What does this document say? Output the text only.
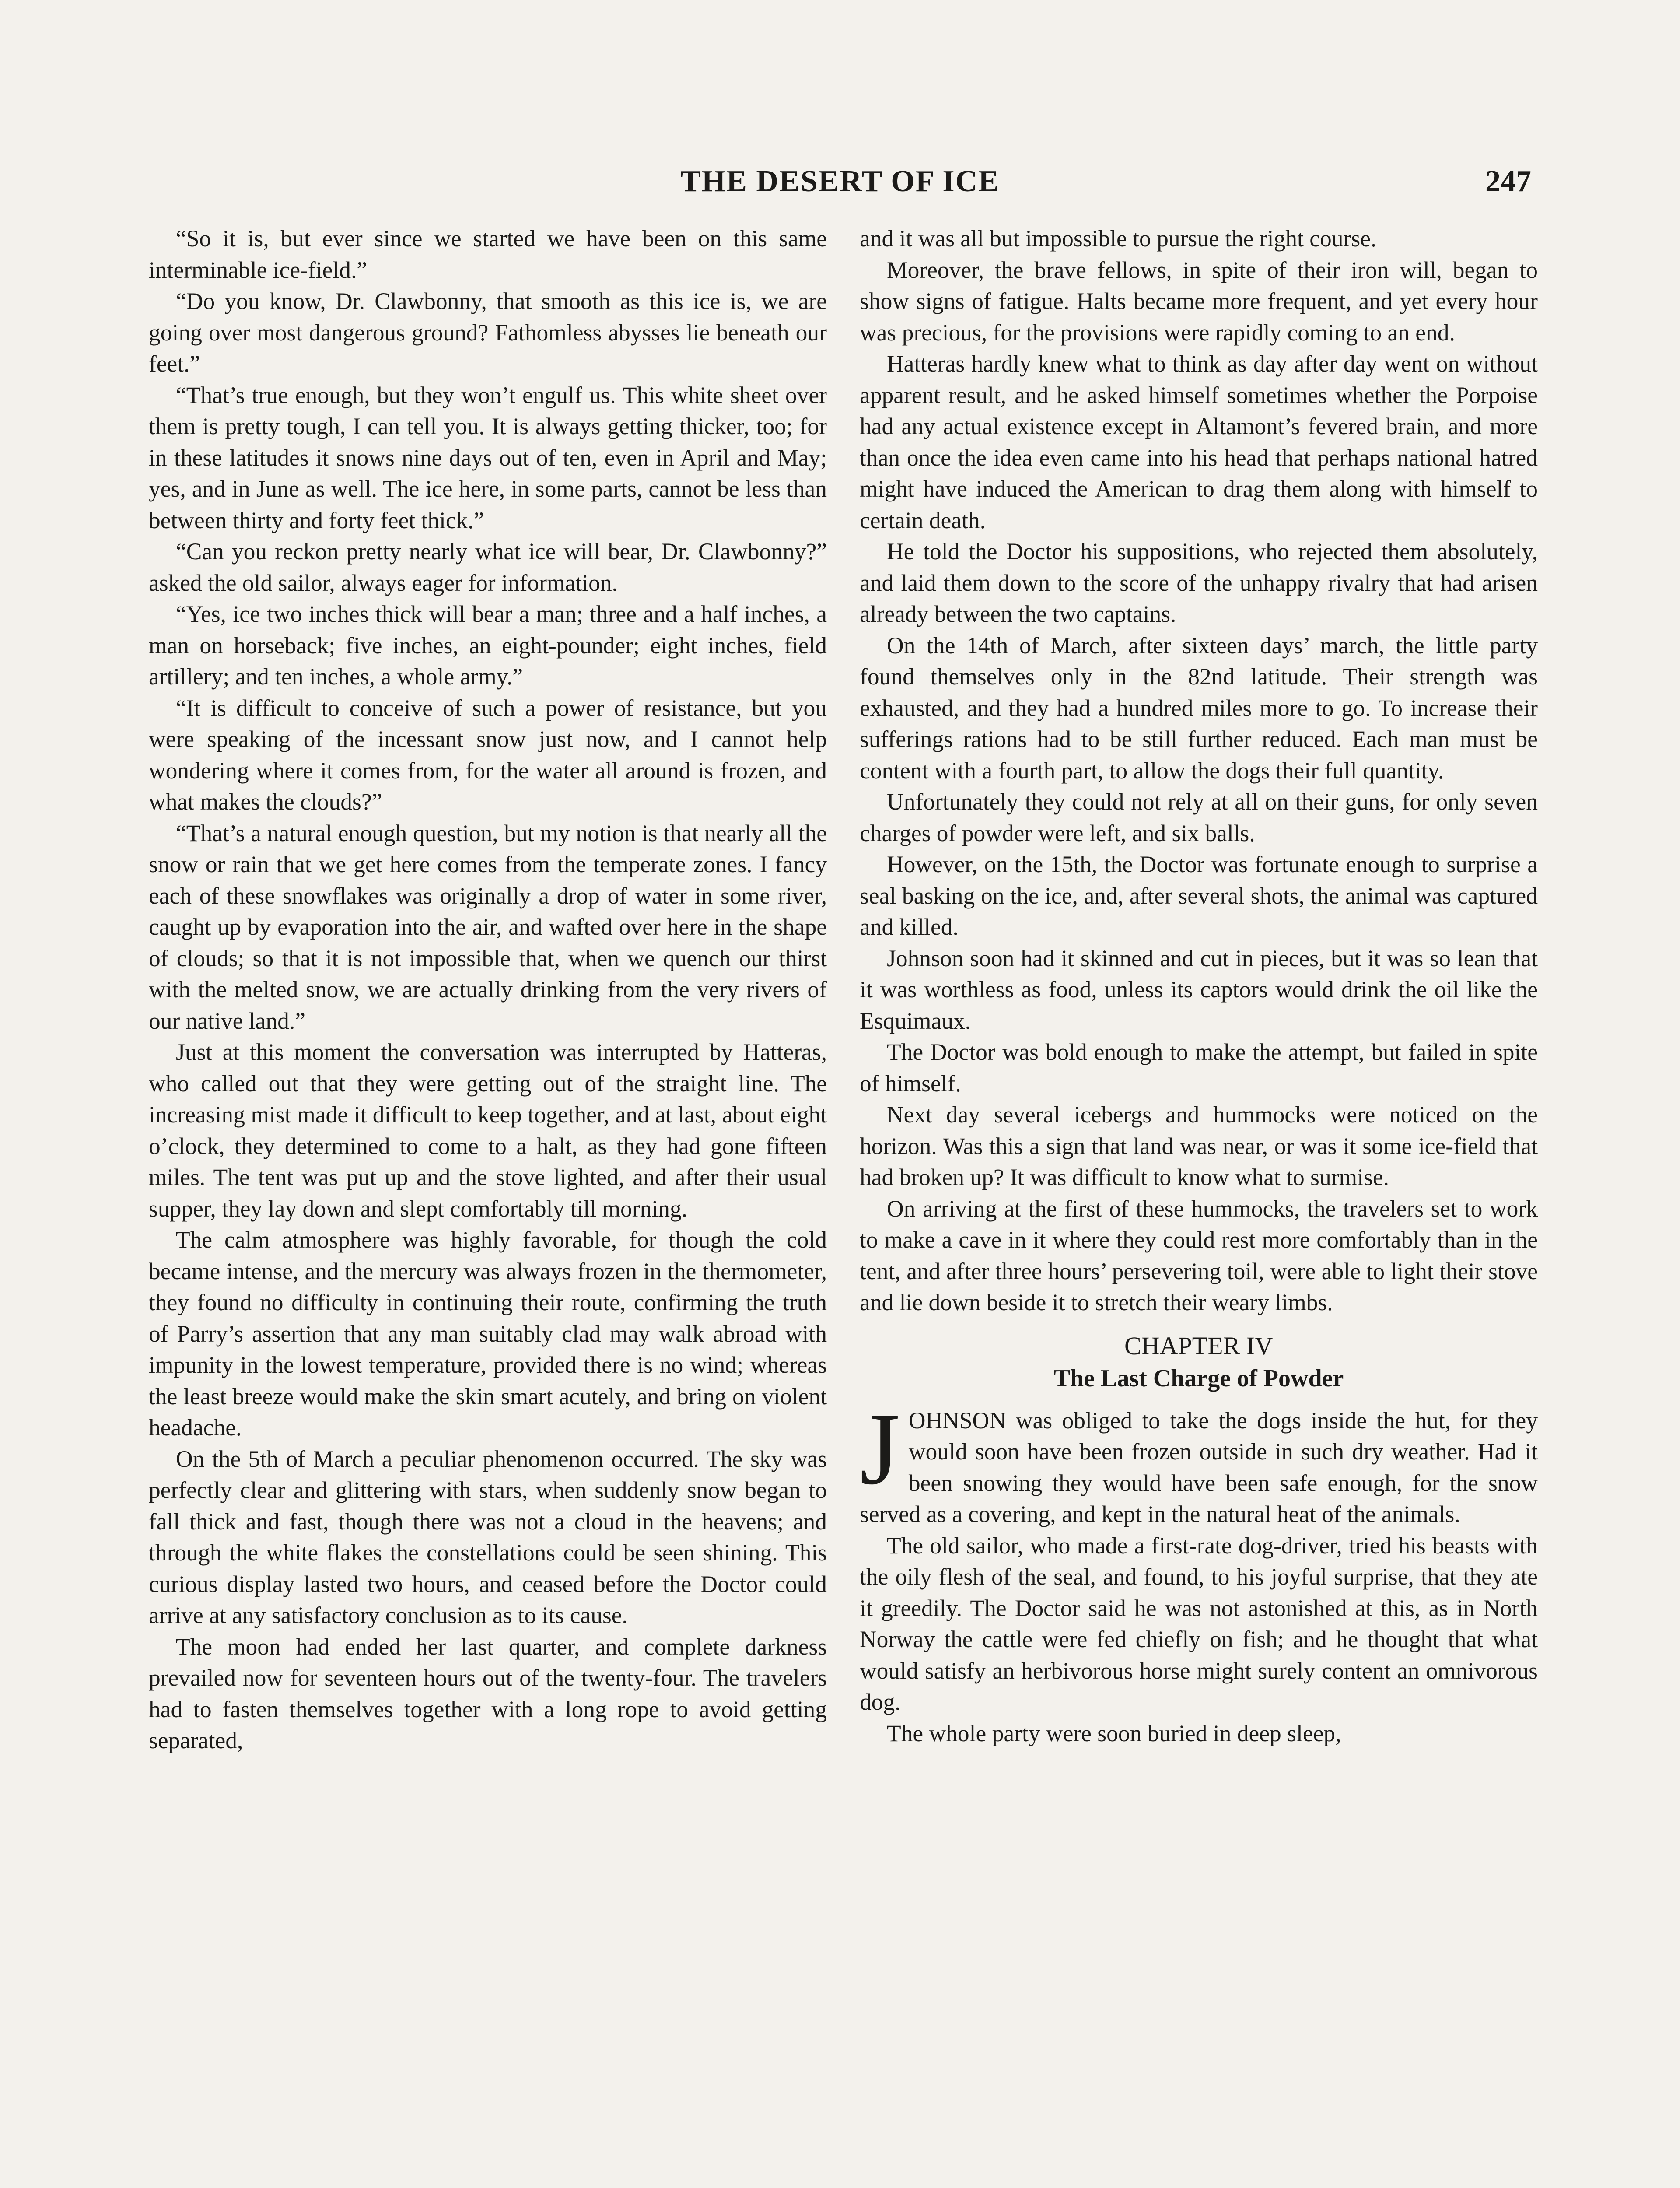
THE DESERT OF ICE	247

“So it is, but ever since we started we have been on this same interminable ice-field.”

“Do you know, Dr. Clawbonny, that smooth as this ice is, we are going over most dangerous ground? Fathomless abysses lie beneath our feet.”

“That’s true enough, but they won’t engulf us. This white sheet over them is pretty tough, I can tell you. It is always getting thicker, too; for in these latitudes it snows nine days out of ten, even in April and May; yes, and in June as well. The ice here, in some parts, cannot be less than between thirty and forty feet thick.”

“Can you reckon pretty nearly what ice will bear, Dr. Clawbonny?” asked the old sailor, always eager for information.

“Yes, ice two inches thick will bear a man; three and a half inches, a man on horseback; five inches, an eight-pounder; eight inches, field artillery; and ten inches, a whole army.”

“It is difficult to conceive of such a power of resistance, but you were speaking of the incessant snow just now, and I cannot help wondering where it comes from, for the water all around is frozen, and what makes the clouds?”

“That’s a natural enough question, but my notion is that nearly all the snow or rain that we get here comes from the temperate zones. I fancy each of these snowflakes was originally a drop of water in some river, caught up by evaporation into the air, and wafted over here in the shape of clouds; so that it is not impossible that, when we quench our thirst with the melted snow, we are actually drinking from the very rivers of our native land.”

Just at this moment the conversation was interrupted by Hatteras, who called out that they were getting out of the straight line. The increasing mist made it difficult to keep together, and at last, about eight o’clock, they determined to come to a halt, as they had gone fifteen miles. The tent was put up and the stove lighted, and after their usual supper, they lay down and slept comfortably till morning.

The calm atmosphere was highly favorable, for though the cold became intense, and the mercury was always frozen in the thermometer, they found no difficulty in continuing their route, confirming the truth of Parry’s assertion that any man suitably clad may walk abroad with impunity in the lowest temperature, provided there is no wind; whereas the least breeze would make the skin smart acutely, and bring on violent headache.

On the 5th of March a peculiar phenomenon occurred. The sky was perfectly clear and glittering with stars, when suddenly snow began to fall thick and fast, though there was not a cloud in the heavens; and through the white flakes the constellations could be seen shining. This curious display lasted two hours, and ceased before the Doctor could arrive at any satisfactory conclusion as to its cause.

The moon had ended her last quarter, and complete darkness prevailed now for seventeen hours out of the twenty-four. The travelers had to fasten themselves together with a long rope to avoid getting separated,

and it was all but impossible to pursue the right course.

Moreover, the brave fellows, in spite of their iron will, began to show signs of fatigue. Halts became more frequent, and yet every hour was precious, for the provisions were rapidly coming to an end.

Hatteras hardly knew what to think as day after day went on without apparent result, and he asked himself sometimes whether the Porpoise had any actual existence except in Altamont’s fevered brain, and more than once the idea even came into his head that perhaps national hatred might have induced the American to drag them along with himself to certain death.

He told the Doctor his suppositions, who rejected them absolutely, and laid them down to the score of the unhappy rivalry that had arisen already between the two captains.

On the 14th of March, after sixteen days’ march, the little party found themselves only in the 82nd latitude. Their strength was exhausted, and they had a hundred miles more to go. To increase their sufferings rations had to be still further reduced. Each man must be content with a fourth part, to allow the dogs their full quantity.

Unfortunately they could not rely at all on their guns, for only seven charges of powder were left, and six balls.

However, on the 15th, the Doctor was fortunate enough to surprise a seal basking on the ice, and, after several shots, the animal was captured and killed.

Johnson soon had it skinned and cut in pieces, but it was so lean that it was worthless as food, unless its captors would drink the oil like the Esquimaux.

The Doctor was bold enough to make the attempt, but failed in spite of himself.

Next day several icebergs and hummocks were noticed on the horizon. Was this a sign that land was near, or was it some ice-field that had broken up? It was difficult to know what to surmise.

On arriving at the first of these hummocks, the travelers set to work to make a cave in it where they could rest more comfortably than in the tent, and after three hours’ persevering toil, were able to light their stove and lie down beside it to stretch their weary limbs.

CHAPTER IV
The Last Charge of Powder

JOHNSON was obliged to take the dogs inside the hut, for they would soon have been frozen outside in such dry weather. Had it been snowing they would have been safe enough, for the snow served as a covering, and kept in the natural heat of the animals.

The old sailor, who made a first-rate dog-driver, tried his beasts with the oily flesh of the seal, and found, to his joyful surprise, that they ate it greedily. The Doctor said he was not astonished at this, as in North Norway the cattle were fed chiefly on fish; and he thought that what would satisfy an herbivorous horse might surely content an omnivorous dog.

The whole party were soon buried in deep sleep,
